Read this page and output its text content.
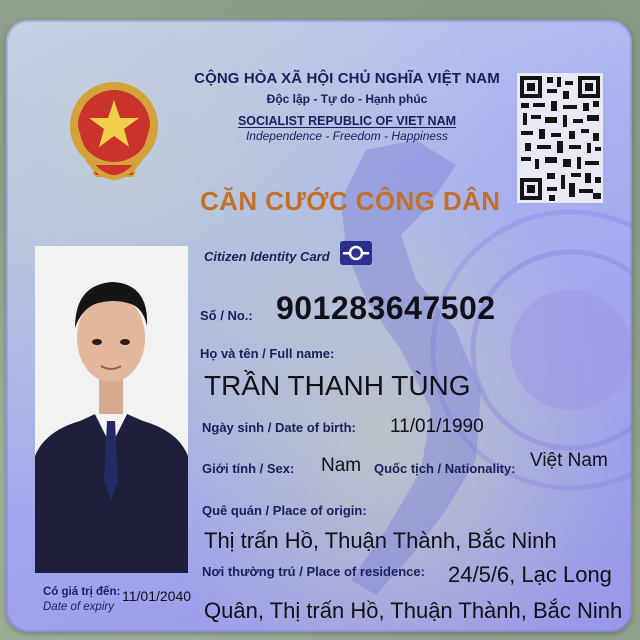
CỘNG HÒA XÃ HỘI CHỦ NGHĨA VIỆT NAM
Độc lập - Tự do - Hạnh phúc
SOCIALIST REPUBLIC OF VIET NAM
Independence - Freedom - Happiness
CĂN CƯỚC CÔNG DÂN
Citizen Identity Card
Số / No.: 901283647502
Họ và tên / Full name:
TRẦN THANH TÙNG
Ngày sinh / Date of birth: 11/01/1990
Giới tính / Sex: Nam Quốc tịch / Nationality: Việt Nam
Quê quán / Place of origin:
Thị trấn Hồ, Thuận Thành, Bắc Ninh
Nơi thường trú / Place of residence: 24/5/6, Lạc Long
Quân, Thị trấn Hồ, Thuận Thành, Bắc Ninh
Có giá trị đến:
Date of expiry
11/01/2040
